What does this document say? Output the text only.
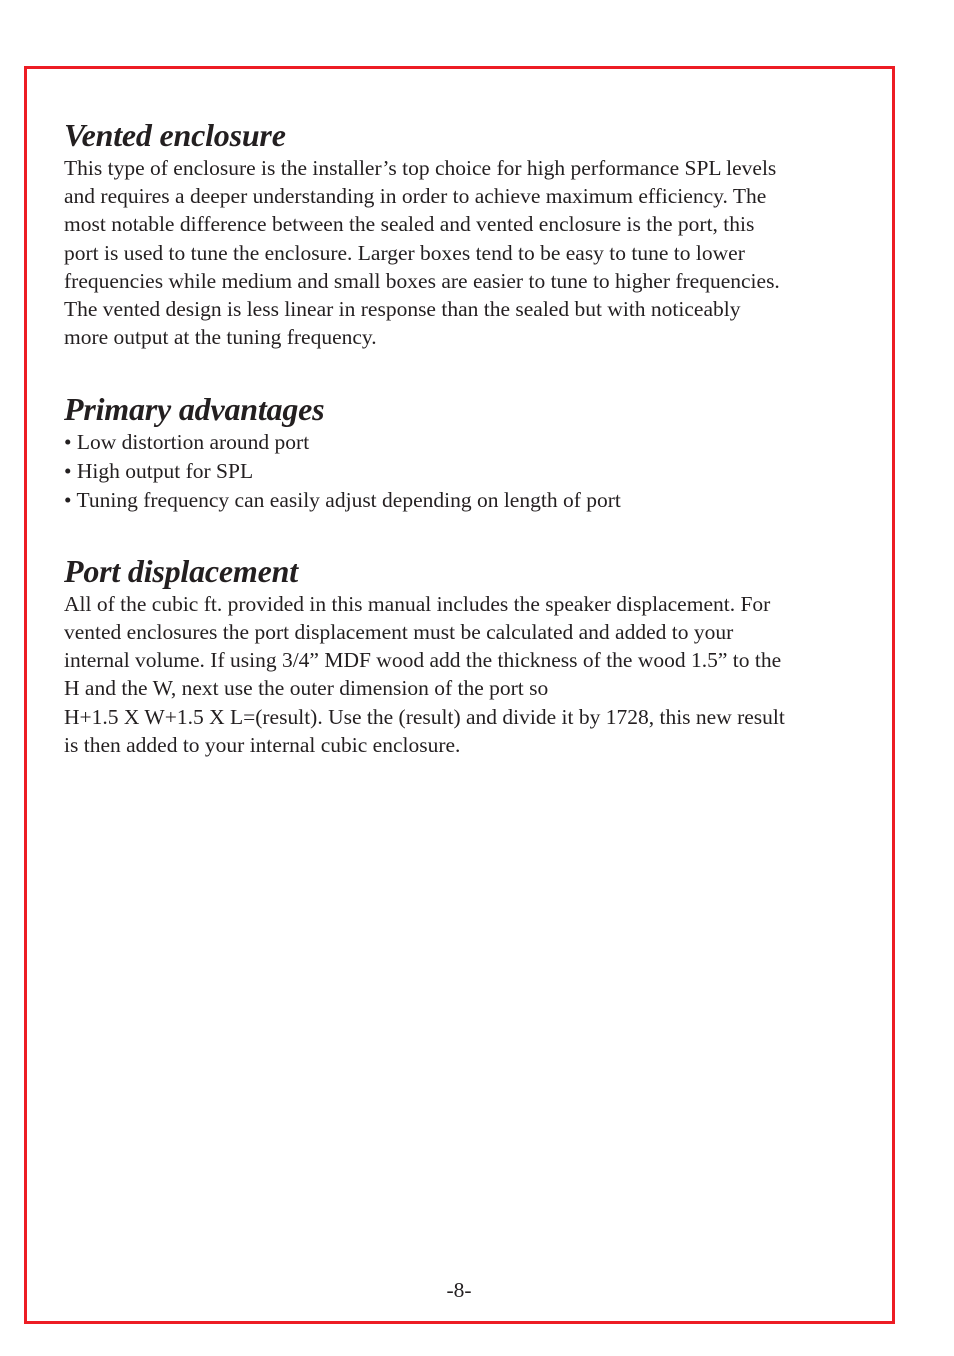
Vented enclosure

This type of enclosure is the installer’s top choice for high performance SPL levels
and requires a deeper understanding in order to achieve maximum efficiency. The
most notable difference between the sealed and vented enclosure is the port, this
port is used to tune the enclosure. Larger boxes tend to be easy to tune to lower
frequencies while medium and small boxes are easier to tune to higher frequencies.
The vented design is less linear in response than the sealed but with noticeably
more output at the tuning frequency.

Primary advantages
• Low distortion around port
• High output for SPL
• Tuning frequency can easily adjust depending on length of port
Port displacement

All of the cubic ft. provided in this manual includes the speaker displacement. For
vented enclosures the port displacement must be calculated and added to your
internal volume. If using 3/4” MDF wood add the thickness of the wood 1.5” to the
H and the W, next use the outer dimension of the port so
H+1.5 X W+1.5 X L=(result). Use the (result) and divide it by 1728, this new result
is then added to your internal cubic enclosure.

-8-
